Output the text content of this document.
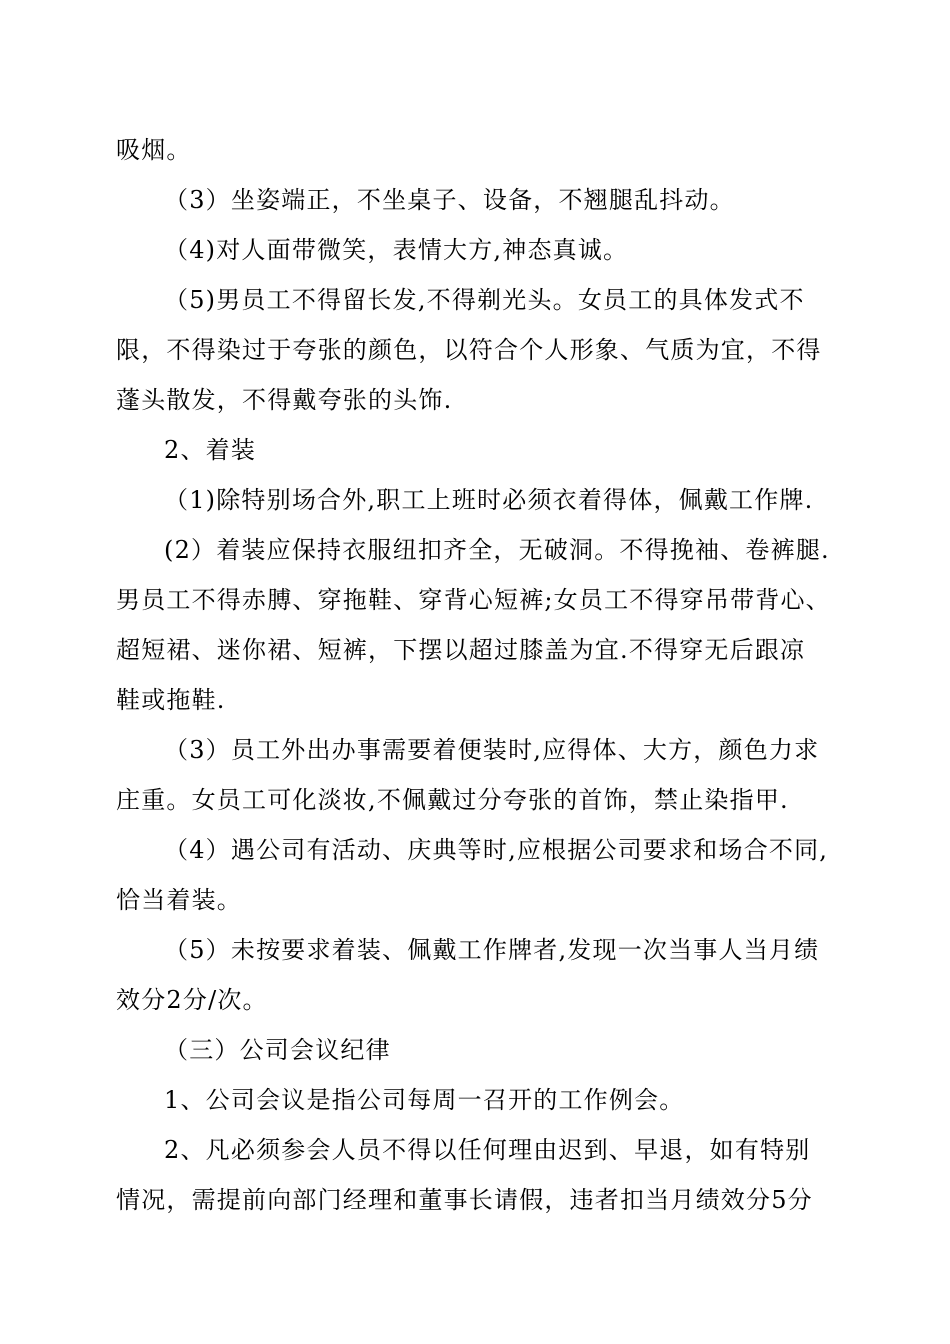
吸烟。
（3）坐姿端正，不坐桌子、设备，不翘腿乱抖动。
（4)对人面带微笑，表情大方,神态真诚。
（5)男员工不得留长发,不得剃光头。女员工的具体发式不
限，不得染过于夸张的颜色，以符合个人形象、气质为宜，不得
蓬头散发，不得戴夸张的头饰.
2、着装
（1)除特别场合外,职工上班时必须衣着得体，佩戴工作牌.
(2）着装应保持衣服纽扣齐全，无破洞。不得挽袖、卷裤腿.
男员工不得赤膊、穿拖鞋、穿背心短裤;女员工不得穿吊带背心、
超短裙、迷你裙、短裤，下摆以超过膝盖为宜.不得穿无后跟凉
鞋或拖鞋.
（3）员工外出办事需要着便装时,应得体、大方，颜色力求
庄重。女员工可化淡妆,不佩戴过分夸张的首饰，禁止染指甲.
（4）遇公司有活动、庆典等时,应根据公司要求和场合不同,
恰当着装。
（5）未按要求着装、佩戴工作牌者,发现一次当事人当月绩
效分2分/次。
（三）公司会议纪律
1、公司会议是指公司每周一召开的工作例会。
2、凡必须参会人员不得以任何理由迟到、早退，如有特别
情况，需提前向部门经理和董事长请假，违者扣当月绩效分5分
